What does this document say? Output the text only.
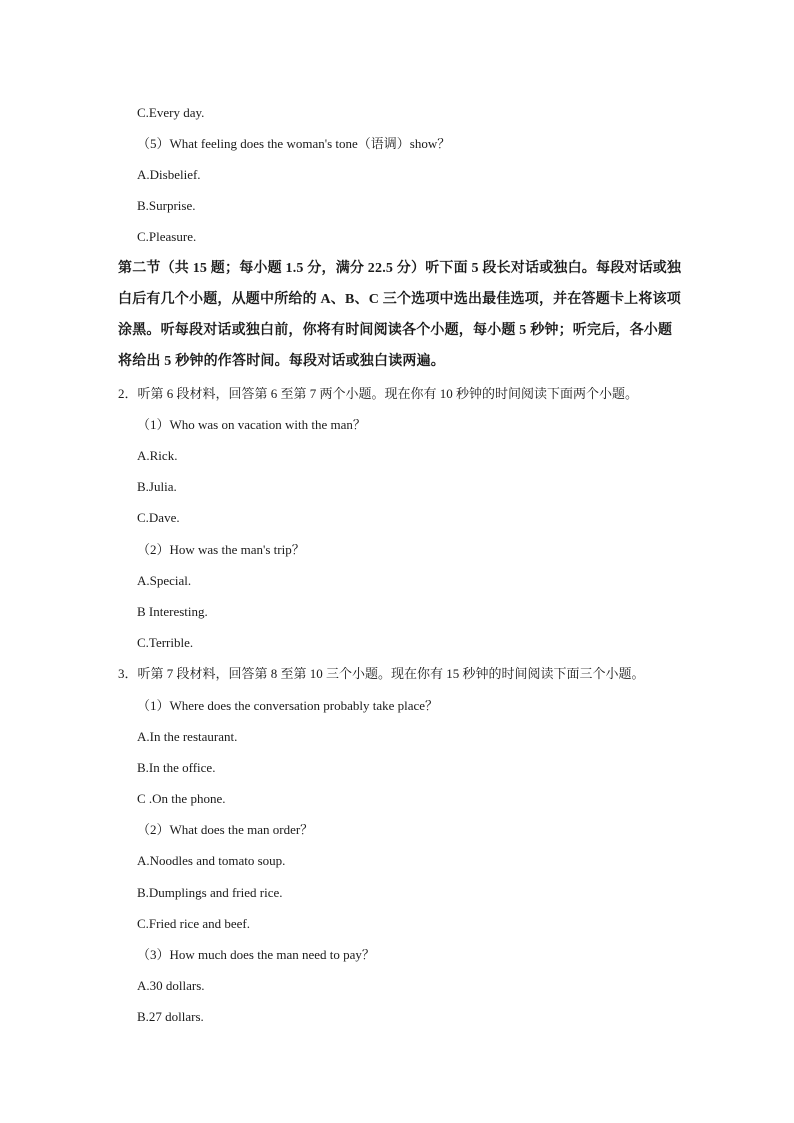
C.Every day.
（5）What feeling does the woman's tone（语调）show？
A.Disbelief.
B.Surprise.
C.Pleasure.
第二节（共 15 题；每小题 1.5 分，满分 22.5 分）听下面 5 段长对话或独白。每段对话或独
白后有几个小题，从题中所给的 A、B、C 三个选项中选出最佳选项，并在答题卡上将该项
涂黑。听每段对话或独白前，你将有时间阅读各个小题，每小题 5 秒钟；听完后，各小题
将给出 5 秒钟的作答时间。每段对话或独白读两遍。
2．听第 6 段材料，回答第 6 至第 7 两个小题。现在你有 10 秒钟的时间阅读下面两个小题。
（1）Who was on vacation with the man？
A.Rick.
B.Julia.
C.Dave.
（2）How was the man's trip？
A.Special.
B Interesting.
C.Terrible.
3．听第 7 段材料，回答第 8 至第 10 三个小题。现在你有 15 秒钟的时间阅读下面三个小题。
（1）Where does the conversation probably take place？
A.In the restaurant.
B.In the office.
C .On the phone.
（2）What does the man order？
A.Noodles and tomato soup.
B.Dumplings and fried rice.
C.Fried rice and beef.
（3）How much does the man need to pay？
A.30 dollars.
B.27 dollars.
